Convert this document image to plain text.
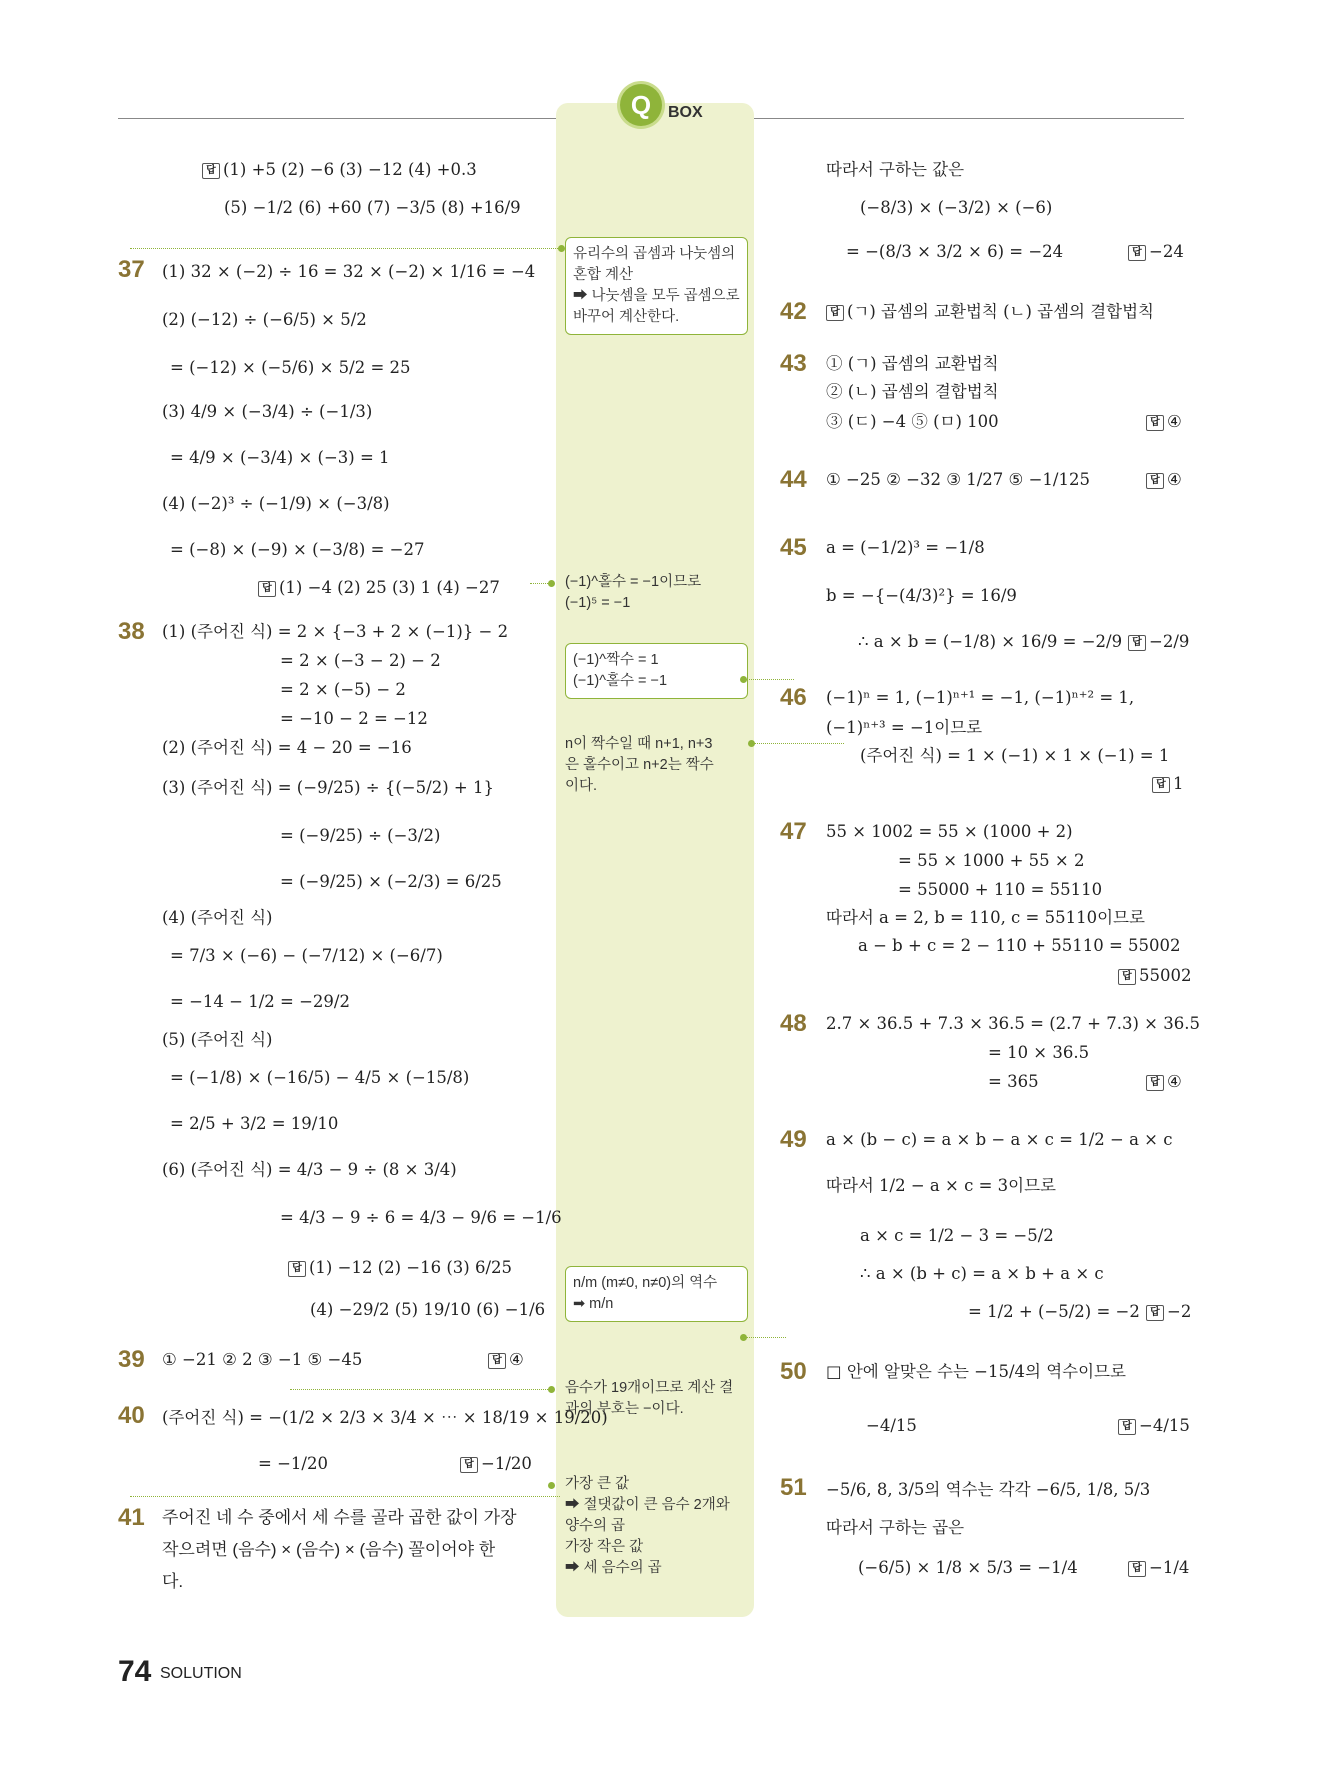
Q	BOX
답 (1) +5 (2) −6 (3) −12 (4) +0.3
(5) −1/2 (6) +60 (7) −3/5 (8) +16/9
37 (1) 32 × (−2) ÷ 16 = 32 × (−2) × 1/16 = −4
(2) (−12) ÷ (−6/5) × 5/2
= (−12) × (−5/6) × 5/2 = 25
(3) 4/9 × (−3/4) ÷ (−1/3)
= 4/9 × (−3/4) × (−3) = 1
(4) (−2)³ ÷ (−1/9) × (−3/8)
= (−8) × (−9) × (−3/8) = −27
답 (1) −4 (2) 25 (3) 1 (4) −27
38 (1) (주어진 식) = 2 × {−3 + 2 × (−1)} − 2
= 2 × (−3 − 2) − 2
= 2 × (−5) − 2
= −10 − 2 = −12
(2) (주어진 식) = 4 − 20 = −16
(3) (주어진 식) = (−9/25) ÷ {(−5/2) + 1}
= (−9/25) ÷ (−3/2)
= (−9/25) × (−2/3) = 6/25
(4) (주어진 식)
= 7/3 × (−6) − (−7/12) × (−6/7)
= −14 − 1/2 = −29/2
(5) (주어진 식)
= (−1/8) × (−16/5) − 4/5 × (−15/8)
= 2/5 + 3/2 = 19/10
(6) (주어진 식) = 4/3 − 9 ÷ (8 × 3/4)
= 4/3 − 9 ÷ 6 = 4/3 − 9/6 = −1/6
답 (1) −12 (2) −16 (3) 6/25
(4) −29/2 (5) 19/10 (6) −1/6
39 ① −21 ② 2 ③ −1 ⑤ −45	답 ④
40 (주어진 식) = −(1/2 × 2/3 × 3/4 × ⋯ × 18/19 × 19/20)
= −1/20	답 −1/20
41 주어진 네 수 중에서 세 수를 골라 곱한 값이 가장
작으려면 (음수) × (음수) × (음수) 꼴이어야 한
다.
유리수의 곱셈과 나눗셈의
혼합 계산
➡ 나눗셈을 모두 곱셈으로
바꾸어 계산한다.
(−1)^홀수 = −1이므로
(−1)⁵ = −1
(−1)^짝수 = 1
(−1)^홀수 = −1
n이 짝수일 때 n+1, n+3
은 홀수이고 n+2는 짝수
이다.
n/m (m≠0, n≠0)의 역수
➡ m/n
음수가 19개이므로 계산 결
과의 부호는 −이다.
가장 큰 값
➡ 절댓값이 큰 음수 2개와
양수의 곱
가장 작은 값
➡ 세 음수의 곱
따라서 구하는 값은
(−8/3) × (−3/2) × (−6)
= −(8/3 × 3/2 × 6) = −24	답 −24
42	답 (ㄱ) 곱셈의 교환법칙 (ㄴ) 곱셈의 결합법칙
43 ① (ㄱ) 곱셈의 교환법칙
② (ㄴ) 곱셈의 결합법칙
③ (ㄷ) −4 ⑤ (ㅁ) 100	답 ④
44 ① −25 ② −32 ③ 1/27 ⑤ −1/125	답 ④
45 a = (−1/2)³ = −1/8
b = −{−(4/3)²} = 16/9
∴ a × b = (−1/8) × 16/9 = −2/9	답 −2/9
46 (−1)ⁿ = 1, (−1)ⁿ⁺¹ = −1, (−1)ⁿ⁺² = 1,
(−1)ⁿ⁺³ = −1이므로
(주어진 식) = 1 × (−1) × 1 × (−1) = 1
답 1
47 55 × 1002 = 55 × (1000 + 2)
= 55 × 1000 + 55 × 2
= 55000 + 110 = 55110
따라서 a = 2, b = 110, c = 55110이므로
a − b + c = 2 − 110 + 55110 = 55002
답 55002
48 2.7 × 36.5 + 7.3 × 36.5 = (2.7 + 7.3) × 36.5
= 10 × 36.5
= 365	답 ④
49 a × (b − c) = a × b − a × c = 1/2 − a × c
따라서 1/2 − a × c = 3이므로
a × c = 1/2 − 3 = −5/2
∴ a × (b + c) = a × b + a × c
= 1/2 + (−5/2) = −2	답 −2
50 □ 안에 알맞은 수는 −15/4의 역수이므로
−4/15	답 −4/15
51 −5/6, 8, 3/5의 역수는 각각 −6/5, 1/8, 5/3
따라서 구하는 곱은
(−6/5) × 1/8 × 5/3 = −1/4	답 −1/4
74 SOLUTION
